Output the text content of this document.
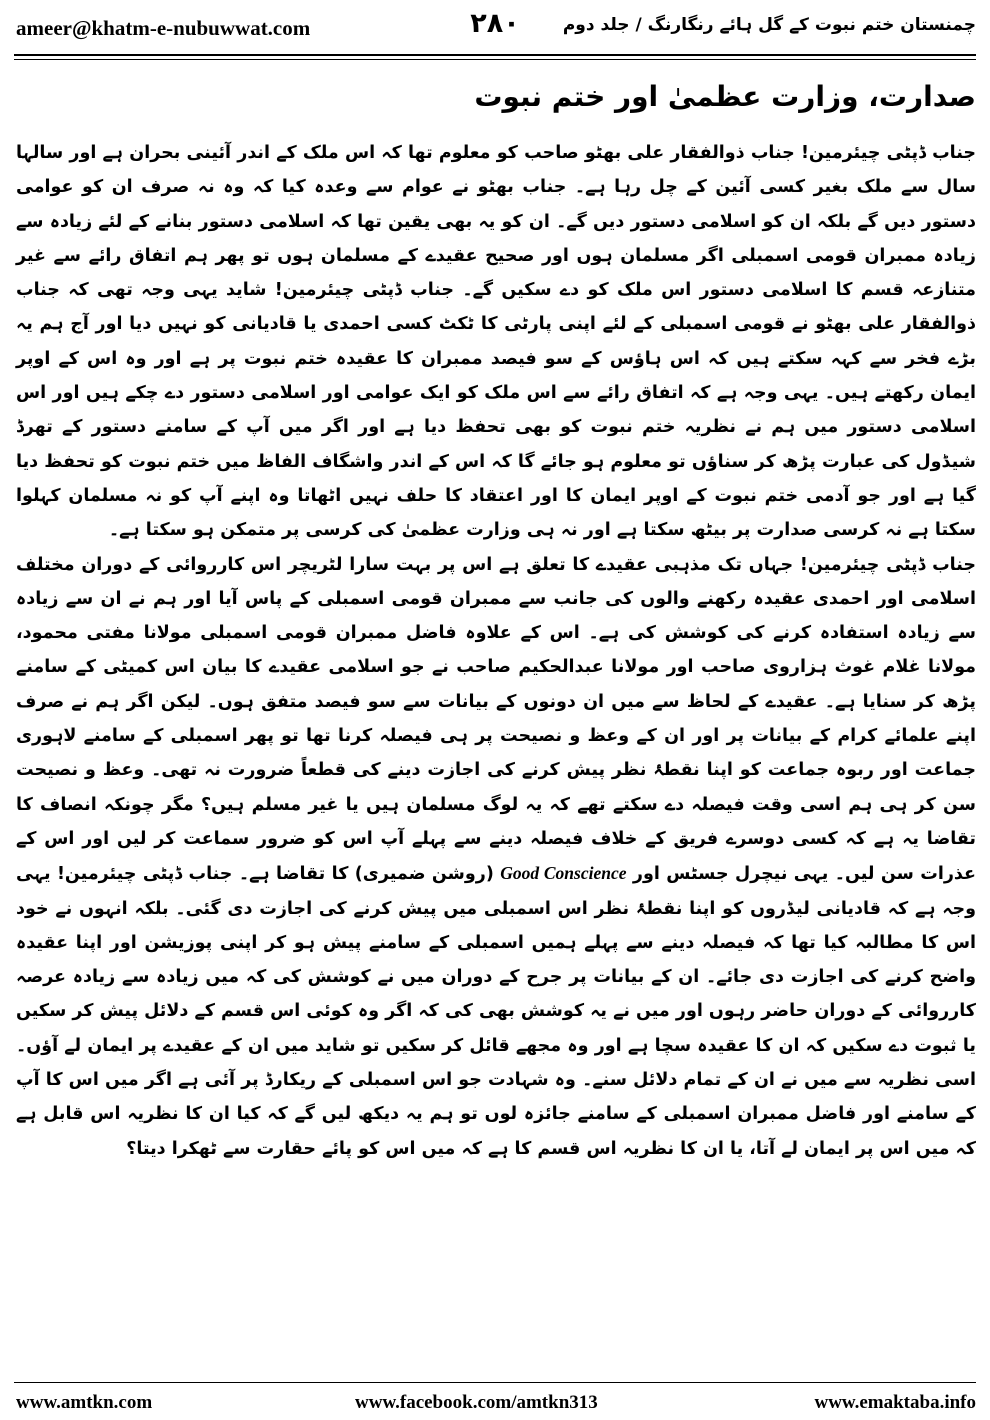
ameer@khatm-e-nubuwwat.com	۲۸۰	چمنستان ختم نبوت کے گل ہائے رنگارنگ / جلد دوم
صدارت، وزارت عظمیٰ اور ختم نبوت

جناب ڈپٹی چیئرمین! جناب ذوالفقار علی بھٹو صاحب کو معلوم تھا کہ اس ملک کے اندر آئینی بحران ہے اور سالہا سال سے ملک بغیر کسی آئین کے چل رہا ہے۔ جناب بھٹو نے عوام سے وعدہ کیا کہ وہ نہ صرف ان کو عوامی دستور دیں گے بلکہ ان کو اسلامی دستور دیں گے۔ ان کو یہ بھی یقین تھا کہ اسلامی دستور بنانے کے لئے زیادہ سے زیادہ ممبران قومی اسمبلی اگر مسلمان ہوں اور صحیح عقیدے کے مسلمان ہوں تو پھر ہم اتفاق رائے سے غیر متنازعہ قسم کا اسلامی دستور اس ملک کو دے سکیں گے۔ جناب ڈپٹی چیئرمین! شاید یہی وجہ تھی کہ جناب ذوالفقار علی بھٹو نے قومی اسمبلی کے لئے اپنی پارٹی کا ٹکٹ کسی احمدی یا قادیانی کو نہیں دیا اور آج ہم یہ بڑے فخر سے کہہ سکتے ہیں کہ اس ہاؤس کے سو فیصد ممبران کا عقیدہ ختم نبوت پر ہے اور وہ اس کے اوپر ایمان رکھتے ہیں۔ یہی وجہ ہے کہ اتفاق رائے سے اس ملک کو ایک عوامی اور اسلامی دستور دے چکے ہیں اور اس اسلامی دستور میں ہم نے نظریہ ختم نبوت کو بھی تحفظ دیا ہے اور اگر میں آپ کے سامنے دستور کے تھرڈ شیڈول کی عبارت پڑھ کر سناؤں تو معلوم ہو جائے گا کہ اس کے اندر واشگاف الفاظ میں ختم نبوت کو تحفظ دیا گیا ہے اور جو آدمی ختم نبوت کے اوپر ایمان کا اور اعتقاد کا حلف نہیں اٹھاتا وہ اپنے آپ کو نہ مسلمان کہلوا سکتا ہے نہ کرسی صدارت پر بیٹھ سکتا ہے اور نہ ہی وزارت عظمیٰ کی کرسی پر متمکن ہو سکتا ہے۔

جناب ڈپٹی چیئرمین! جہاں تک مذہبی عقیدے کا تعلق ہے اس پر بہت سارا لٹریچر اس کارروائی کے دوران مختلف اسلامی اور احمدی عقیدہ رکھنے والوں کی جانب سے ممبران قومی اسمبلی کے پاس آیا اور ہم نے ان سے زیادہ سے زیادہ استفادہ کرنے کی کوشش کی ہے۔ اس کے علاوہ فاضل ممبران قومی اسمبلی مولانا مفتی محمود، مولانا غلام غوث ہزاروی صاحب اور مولانا عبدالحکیم صاحب نے جو اسلامی عقیدے کا بیان اس کمیٹی کے سامنے پڑھ کر سنایا ہے۔ عقیدے کے لحاظ سے میں ان دونوں کے بیانات سے سو فیصد متفق ہوں۔ لیکن اگر ہم نے صرف اپنے علمائے کرام کے بیانات پر اور ان کے وعظ و نصیحت پر ہی فیصلہ کرنا تھا تو پھر اسمبلی کے سامنے لاہوری جماعت اور ربوہ جماعت کو اپنا نقطۂ نظر پیش کرنے کی اجازت دینے کی قطعاً ضرورت نہ تھی۔ وعظ و نصیحت سن کر ہی ہم اسی وقت فیصلہ دے سکتے تھے کہ یہ لوگ مسلمان ہیں یا غیر مسلم ہیں؟ مگر چونکہ انصاف کا تقاضا یہ ہے کہ کسی دوسرے فریق کے خلاف فیصلہ دینے سے پہلے آپ اس کو ضرور سماعت کر لیں اور اس کے عذرات سن لیں۔ یہی نیچرل جسٹس اور Good Conscience (روشن ضمیری) کا تقاضا ہے۔ جناب ڈپٹی چیئرمین! یہی وجہ ہے کہ قادیانی لیڈروں کو اپنا نقطۂ نظر اس اسمبلی میں پیش کرنے کی اجازت دی گئی۔ بلکہ انہوں نے خود اس کا مطالبہ کیا تھا کہ فیصلہ دینے سے پہلے ہمیں اسمبلی کے سامنے پیش ہو کر اپنی پوزیشن اور اپنا عقیدہ واضح کرنے کی اجازت دی جائے۔ ان کے بیانات پر جرح کے دوران میں نے کوشش کی کہ میں زیادہ سے زیادہ عرصہ کارروائی کے دوران حاضر رہوں اور میں نے یہ کوشش بھی کی کہ اگر وہ کوئی اس قسم کے دلائل پیش کر سکیں یا ثبوت دے سکیں کہ ان کا عقیدہ سچا ہے اور وہ مجھے قائل کر سکیں تو شاید میں ان کے عقیدے پر ایمان لے آؤں۔ اسی نظریہ سے میں نے ان کے تمام دلائل سنے۔ وہ شہادت جو اس اسمبلی کے ریکارڈ پر آئی ہے اگر میں اس کا آپ کے سامنے اور فاضل ممبران اسمبلی کے سامنے جائزہ لوں تو ہم یہ دیکھ لیں گے کہ کیا ان کا نظریہ اس قابل ہے کہ میں اس پر ایمان لے آتا، یا ان کا نظریہ اس قسم کا ہے کہ میں اس کو پائے حقارت سے ٹھکرا دیتا؟

www.amtkn.com	www.facebook.com/amtkn313	www.emaktaba.info
